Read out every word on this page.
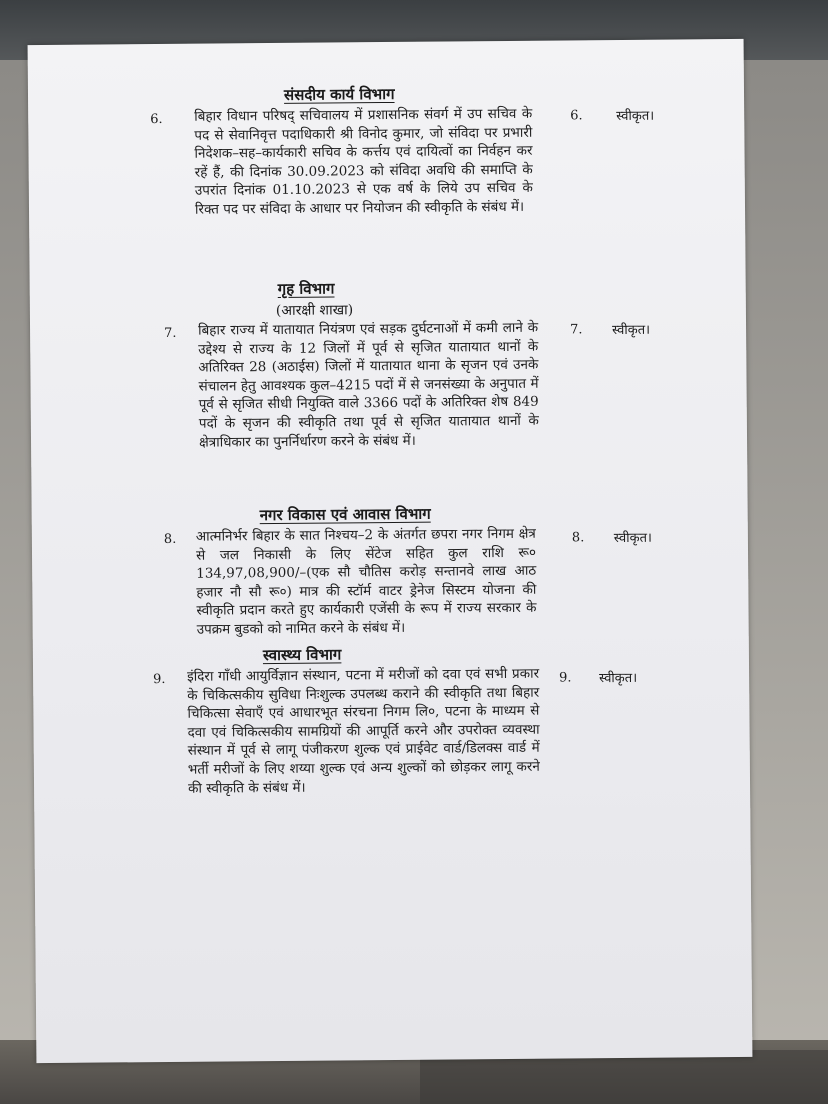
संसदीय कार्य विभाग
6. बिहार विधान परिषद् सचिवालय में प्रशासनिक संवर्ग में उप सचिव के पद से सेवानिवृत्त पदाधिकारी श्री विनोद कुमार, जो संविदा पर प्रभारी निदेशक–सह–कार्यकारी सचिव के कर्त्तय एवं दायित्वों का निर्वहन कर रहें हैं, की दिनांक 30.09.2023 को संविदा अवधि की समाप्ति के उपरांत दिनांक 01.10.2023 से एक वर्ष के लिये उप सचिव के रिक्त पद पर संविदा के आधार पर नियोजन की स्वीकृति के संबंध में।
6.	स्वीकृत।
गृह विभाग
(आरक्षी शाखा)
7. बिहार राज्य में यातायात नियंत्रण एवं सड़क दुर्घटनाओं में कमी लाने के उद्देश्य से राज्य के 12 जिलों में पूर्व से सृजित यातायात थानों के अतिरिक्त 28 (अठाईस) जिलों में यातायात थाना के सृजन एवं उनके संचालन हेतु आवश्यक कुल–4215 पदों में से जनसंख्या के अनुपात में पूर्व से सृजित सीधी नियुक्ति वाले 3366 पदों के अतिरिक्त शेष 849 पदों के सृजन की स्वीकृति तथा पूर्व से सृजित यातायात थानों के क्षेत्राधिकार का पुनर्निर्धारण करने के संबंध में।
7. स्वीकृत।
नगर विकास एवं आवास विभाग
8. आत्मनिर्भर बिहार के सात निश्चय–2 के अंतर्गत छपरा नगर निगम क्षेत्र से जल निकासी के लिए सेंटेज सहित कुल राशि रू० 134,97,08,900/–(एक सौ चौतिस करोड़ सन्तानवे लाख आठ हजार नौ सौ रू०) मात्र की स्टॉर्म वाटर ड्रेनेज सिस्टम योजना की स्वीकृति प्रदान करते हुए कार्यकारी एजेंसी के रूप में राज्य सरकार के उपक्रम बुडको को नामित करने के संबंध में।
8. स्वीकृत।
स्वास्थ्य विभाग
9. इंदिरा गाँधी आयुर्विज्ञान संस्थान, पटना में मरीजों को दवा एवं सभी प्रकार के चिकित्सकीय सुविधा निःशुल्क उपलब्ध कराने की स्वीकृति तथा बिहार चिकित्सा सेवाएँ एवं आधारभूत संरचना निगम लि०, पटना के माध्यम से दवा एवं चिकित्सकीय सामग्रियों की आपूर्ति करने और उपरोक्त व्यवस्था संस्थान में पूर्व से लागू पंजीकरण शुल्क एवं प्राईवेट वार्ड/डिलक्स वार्ड में भर्ती मरीजों के लिए शय्या शुल्क एवं अन्य शुल्कों को छोड़कर लागू करने की स्वीकृति के संबंध में।
9. स्वीकृत।
